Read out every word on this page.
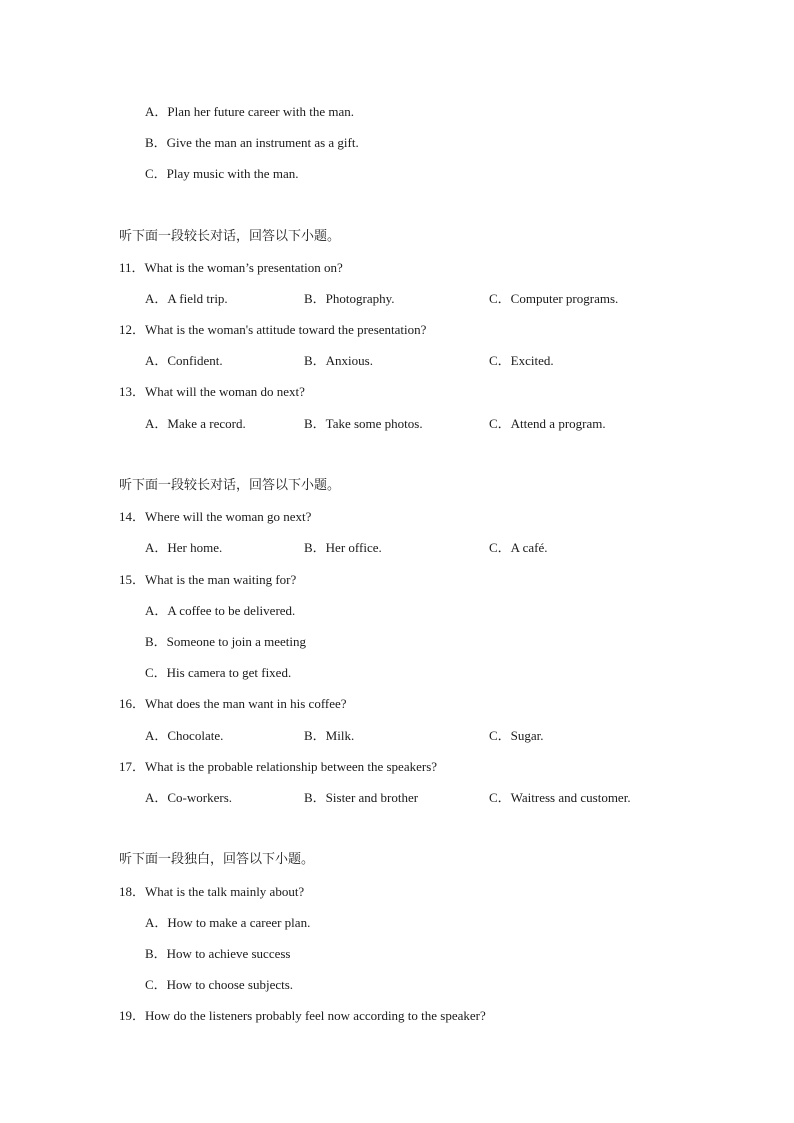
A．Plan her future career with the man.
B．Give the man an instrument as a gift.
C．Play music with the man.
听下面一段较长对话，回答以下小题。
11．What is the woman’s presentation on?
A．A field trip.	B．Photography.	C．Computer programs.
12．What is the woman's attitude toward the presentation?
A．Confident.	B．Anxious.	C．Excited.
13．What will the woman do next?
A．Make a record.	B．Take some photos.	C．Attend a program.
听下面一段较长对话，回答以下小题。
14．Where will the woman go next?
A．Her home.	B．Her office.	C．A café.
15．What is the man waiting for?
A．A coffee to be delivered.
B．Someone to join a meeting
C．His camera to get fixed.
16．What does the man want in his coffee?
A．Chocolate.	B．Milk.	C．Sugar.
17．What is the probable relationship between the speakers?
A．Co-workers.	B．Sister and brother	C．Waitress and customer.
听下面一段独白，回答以下小题。
18．What is the talk mainly about?
A．How to make a career plan.
B．How to achieve success
C．How to choose subjects.
19．How do the listeners probably feel now according to the speaker?
